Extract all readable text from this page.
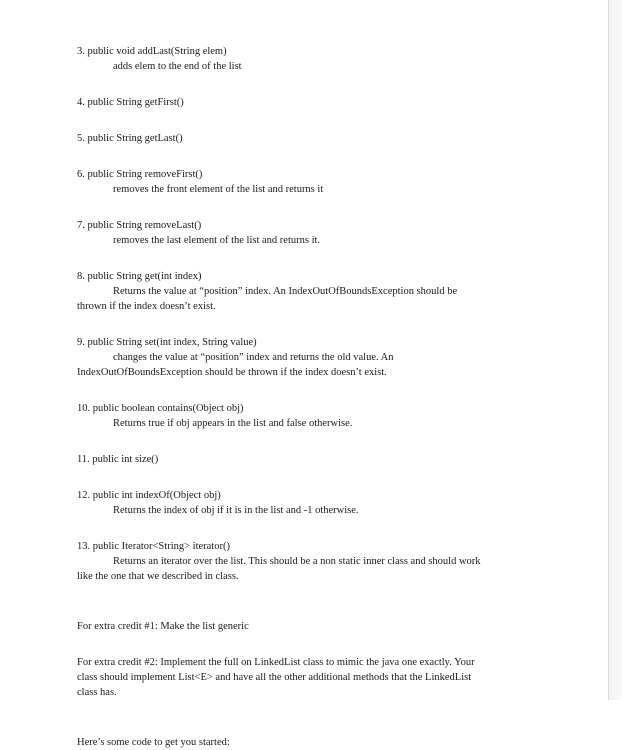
3. public void addLast(String elem)
adds elem to the end of the list
4. public String getFirst()
5. public String getLast()
6. public String removeFirst()
removes the front element of the list and returns it
7. public String removeLast()
removes the last element of the list and returns it.
8. public String get(int index)
Returns the value at “position” index. An IndexOutOfBoundsException should be
thrown if the index doesn’t exist.
9. public String set(int index, String value)
changes the value at “position” index and returns the old value. An
IndexOutOfBoundsException should be thrown if the index doesn’t exist.
10. public boolean contains(Object obj)
Returns true if obj appears in the list and false otherwise.
11. public int size()
12. public int indexOf(Object obj)
Returns the index of obj if it is in the list and -1 otherwise.
13. public Iterator<String> iterator()
Returns an iterator over the list. This should be a non static inner class and should work
like the one that we described in class.
For extra credit #1: Make the list generic
For extra credit #2: Implement the full on LinkedList class to mimic the java one exactly. Your
class should implement List<E> and have all the other additional methods that the LinkedList
class has.
Here’s some code to get you started:
